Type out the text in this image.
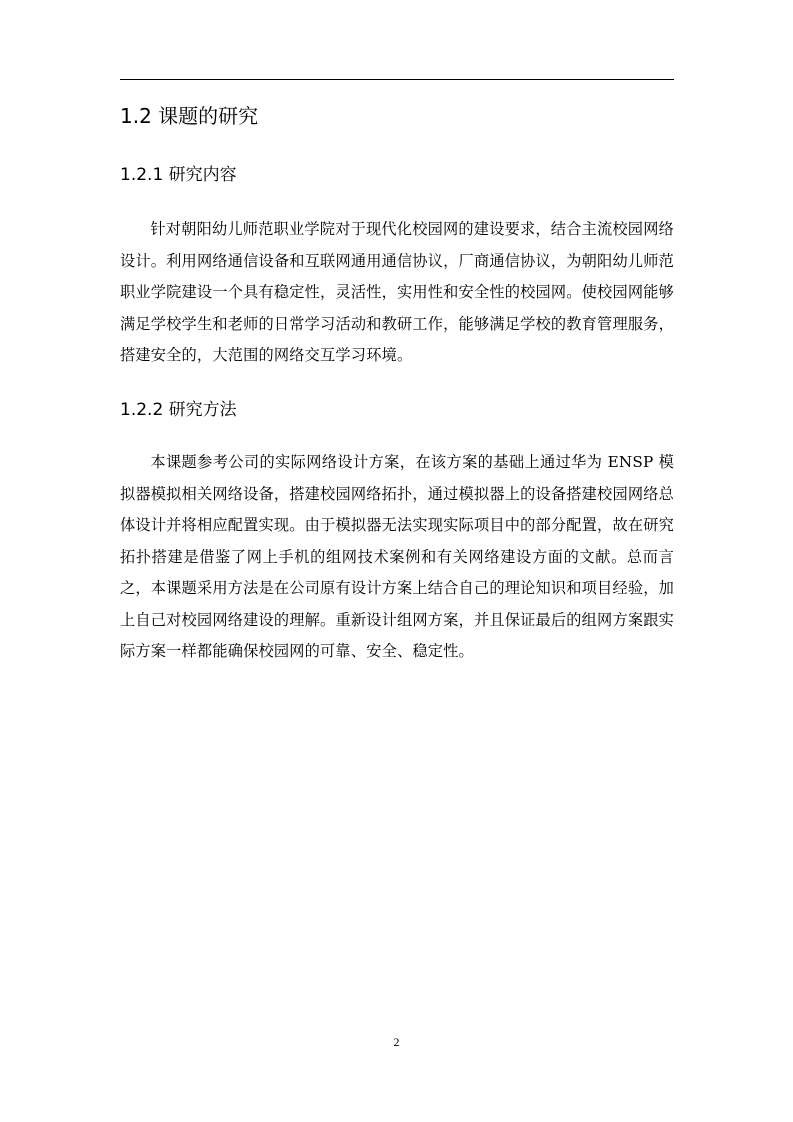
1.2 课题的研究
1.2.1 研究内容

针对朝阳幼儿师范职业学院对于现代化校园网的建设要求，结合主流校园网络设计。利用网络通信设备和互联网通用通信协议，厂商通信协议，为朝阳幼儿师范职业学院建设一个具有稳定性，灵活性，实用性和安全性的校园网。使校园网能够满足学校学生和老师的日常学习活动和教研工作，能够满足学校的教育管理服务，搭建安全的，大范围的网络交互学习环境。

1.2.2 研究方法

本课题参考公司的实际网络设计方案，在该方案的基础上通过华为 ENSP 模拟器模拟相关网络设备，搭建校园网络拓扑，通过模拟器上的设备搭建校园网络总体设计并将相应配置实现。由于模拟器无法实现实际项目中的部分配置，故在研究拓扑搭建是借鉴了网上手机的组网技术案例和有关网络建设方面的文献。总而言之，本课题采用方法是在公司原有设计方案上结合自己的理论知识和项目经验，加上自己对校园网络建设的理解。重新设计组网方案，并且保证最后的组网方案跟实际方案一样都能确保校园网的可靠、安全、稳定性。

2
